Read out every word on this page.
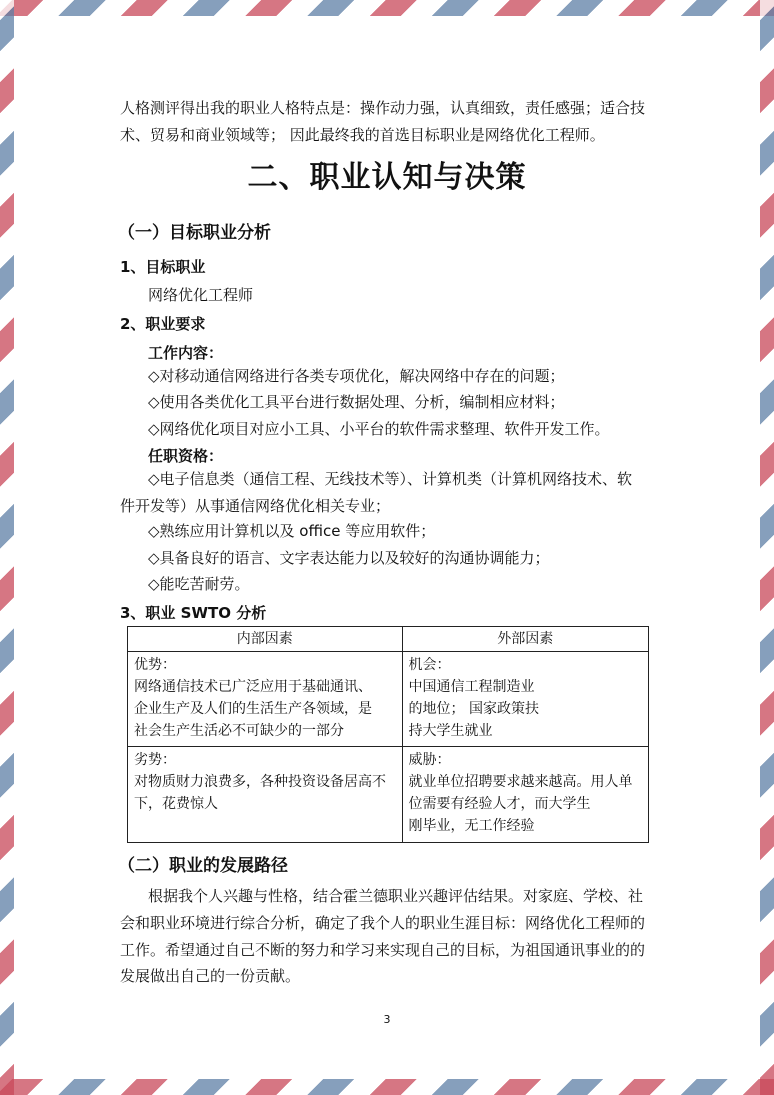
人格测评得出我的职业人格特点是：操作动力强，认真细致，责任感强；适合技
术、贸易和商业领域等； 因此最终我的首选目标职业是网络优化工程师。
二、职业认知与决策
（一）目标职业分析
1、目标职业
网络优化工程师
2、职业要求
工作内容：
◇对移动通信网络进行各类专项优化，解决网络中存在的问题；
◇使用各类优化工具平台进行数据处理、分析，编制相应材料；
◇网络优化项目对应小工具、小平台的软件需求整理、软件开发工作。
任职资格：
◇电子信息类（通信工程、无线技术等）、计算机类（计算机网络技术、软
件开发等）从事通信网络优化相关专业；
◇熟练应用计算机以及 office 等应用软件；
◇具备良好的语言、文字表达能力以及较好的沟通协调能力；
◇能吃苦耐劳。
3、职业 SWTO 分析
内部因素	外部因素

优势：
网络通信技术已广泛应用于基础通讯、
企业生产及人们的生活生产各领域，是
社会生产生活必不可缺少的一部分	机会：
中国通信工程制造业
的地位； 国家政策扶
持大学生就业

劣势：
对物质财力浪费多，各种投资设备居高不
下，花费惊人	威胁：
就业单位招聘要求越来越高。用人单
位需要有经验人才，而大学生
刚毕业，无工作经验
（二）职业的发展路径
根据我个人兴趣与性格，结合霍兰德职业兴趣评估结果。对家庭、学校、社
会和职业环境进行综合分析，确定了我个人的职业生涯目标：网络优化工程师的
工作。希望通过自己不断的努力和学习来实现自己的目标，为祖国通讯事业的的
发展做出自己的一份贡献。
3
